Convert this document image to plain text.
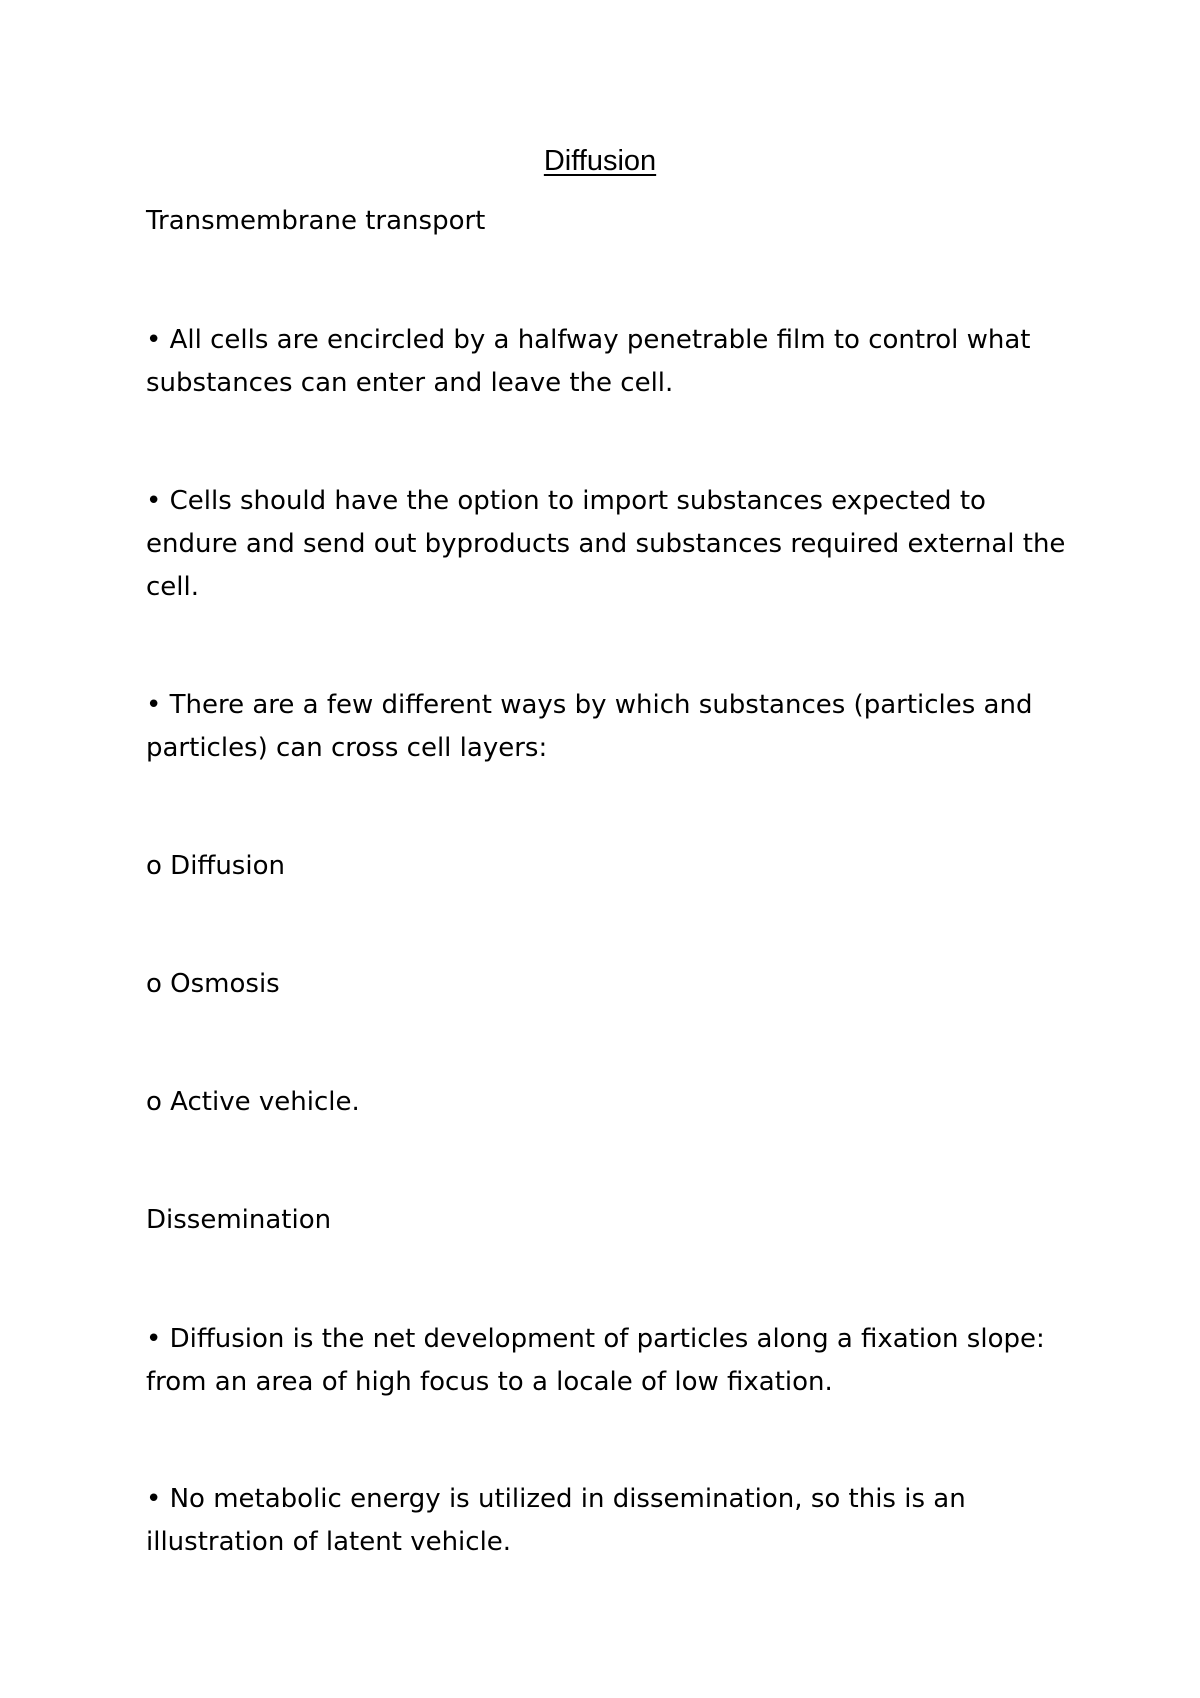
Diffusion
Transmembrane transport
• All cells are encircled by a halfway penetrable film to control what substances can enter and leave the cell.
• Cells should have the option to import substances expected to endure and send out byproducts and substances required external the cell.
• There are a few different ways by which substances (particles and particles) can cross cell layers:
o Diffusion
o Osmosis
o Active vehicle.
Dissemination
• Diffusion is the net development of particles along a fixation slope: from an area of high focus to a locale of low fixation.
• No metabolic energy is utilized in dissemination, so this is an illustration of latent vehicle.
